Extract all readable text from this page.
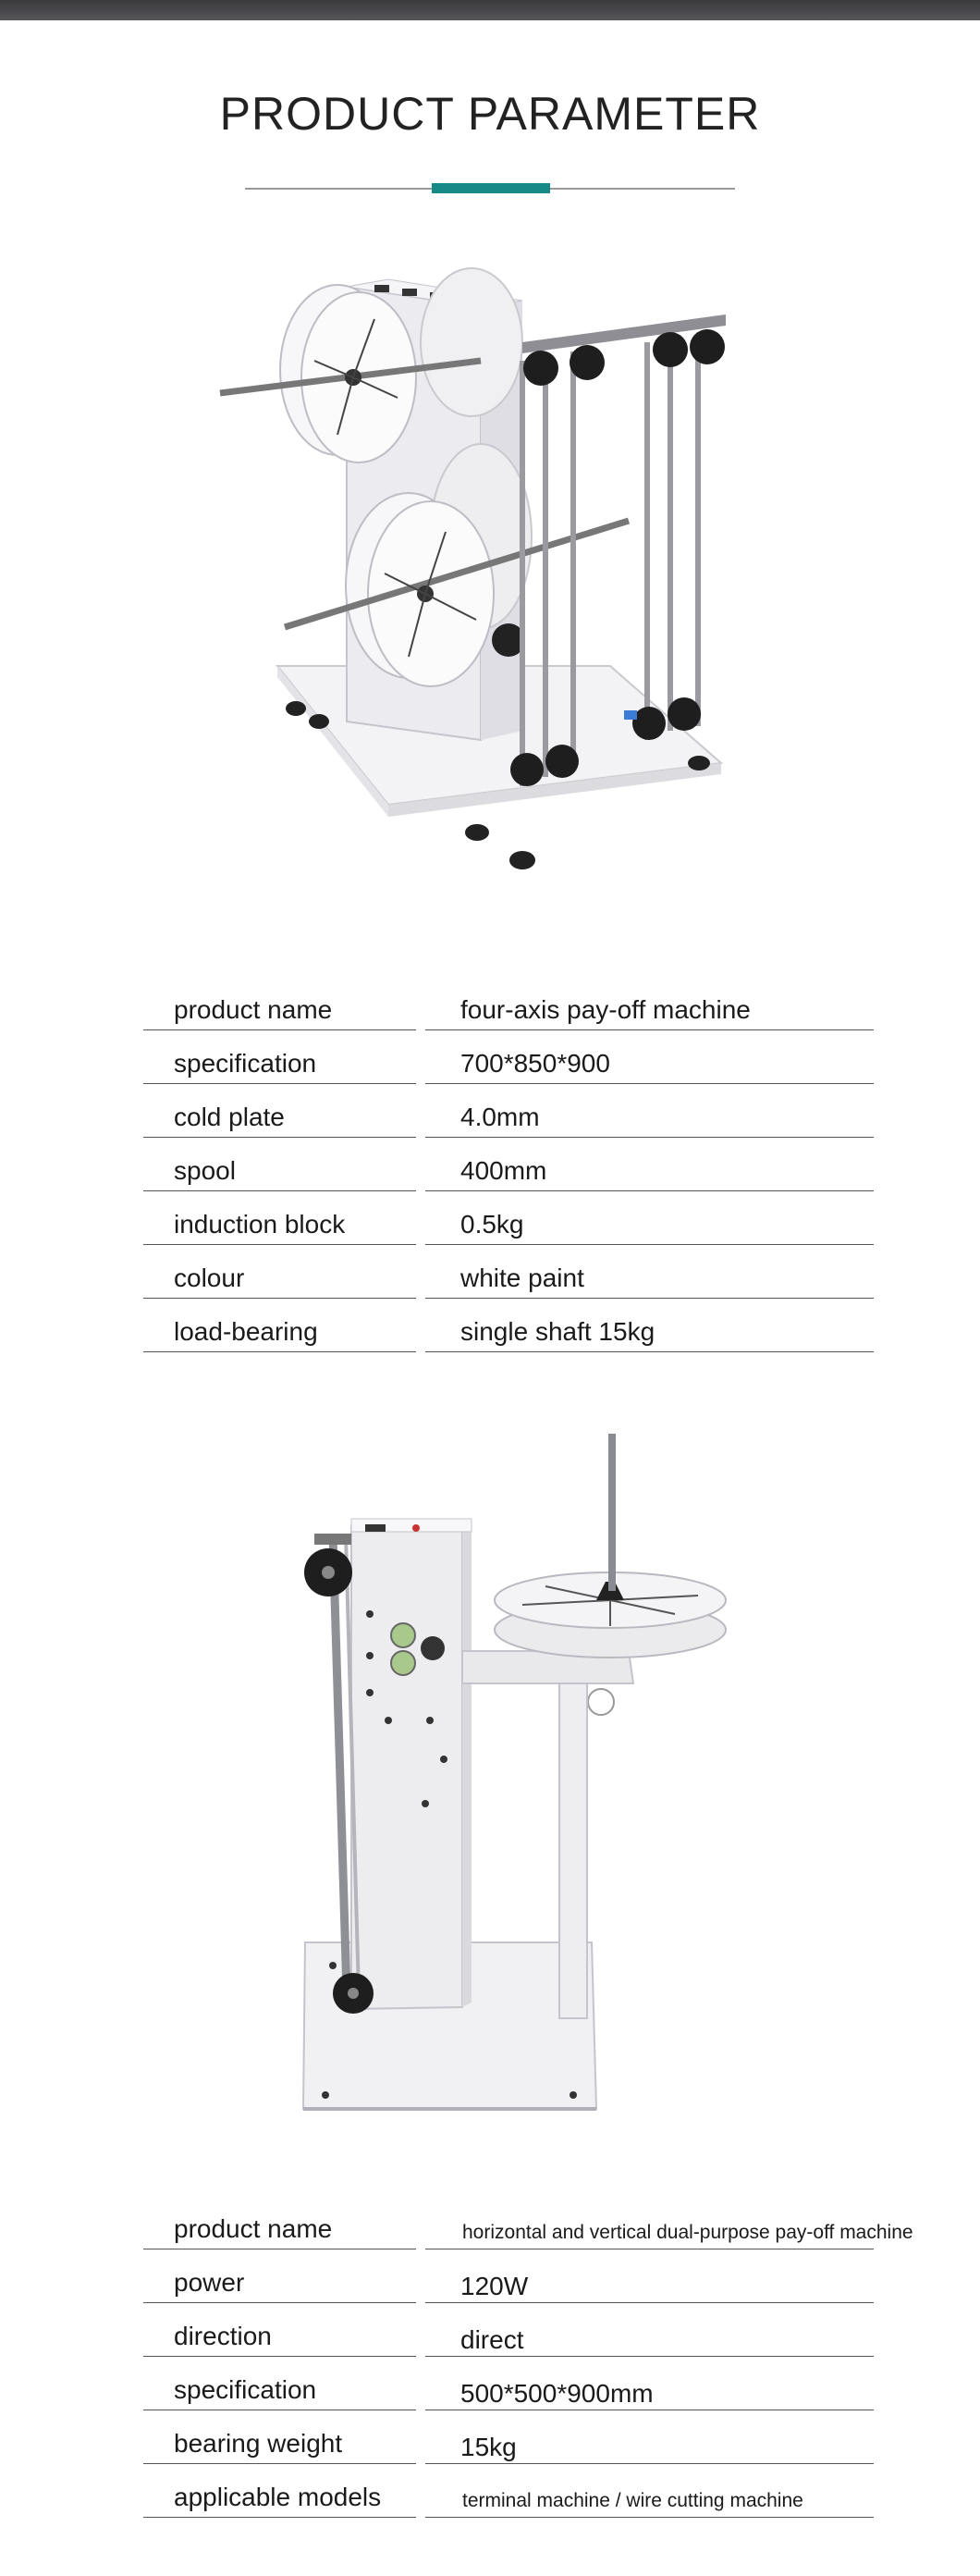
PRODUCT PARAMETER
product name	four-axis pay-off machine
specification	700*850*900
cold plate	4.0mm
spool	400mm
induction block	0.5kg
colour	white paint
load-bearing	single shaft 15kg
product name	horizontal and vertical dual-purpose pay-off machine
power	120W
direction	direct
specification	500*500*900mm
bearing weight	15kg
applicable models	terminal machine / wire cutting machine
